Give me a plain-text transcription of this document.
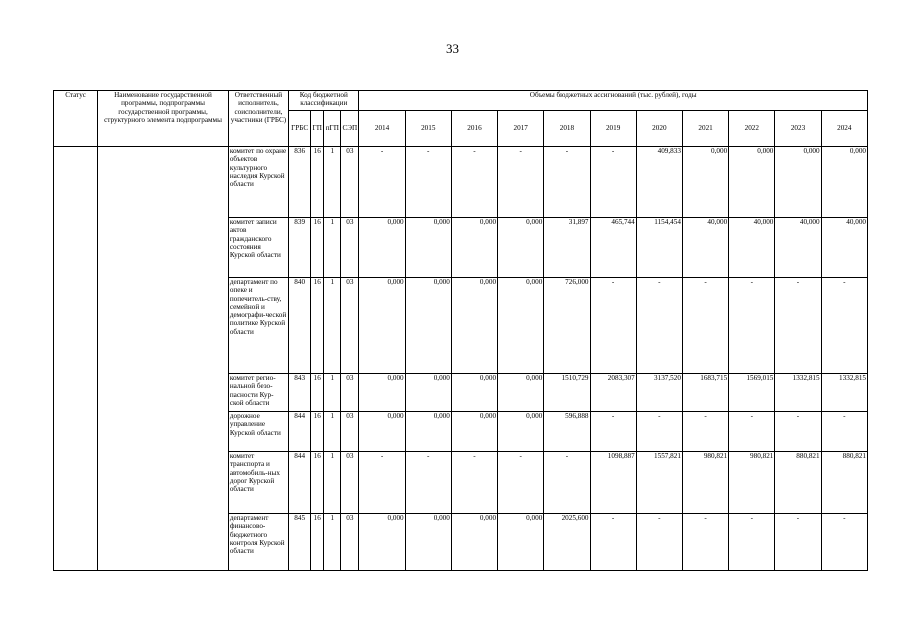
33
Статус	Наименование государственной программы, подпрограммы государственной программы, структурного элемента подпрограммы	Ответственный исполнитель, соисполнители, участники (ГРБС)	Код бюджетной классификации				Объемы бюджетных ассигнований (тыс. рублей), годы										
			ГРБС	ГП	пГП	СЭП	2014	2015	2016	2017	2018	2019	2020	2021	2022	2023	2024
		комитет по охране объектов культурного наследия Курской области	836	16	1	03	-	-	-	-	-	-	409,833	0,000	0,000	0,000	0,000
		комитет записи актов гражданского состояния Курской области	839	16	1	03	0,000	0,000	0,000	0,000	31,897	465,744	1154,454	40,000	40,000	40,000	40,000
		департамент по опеке и попечитель-ству, семейной и демографи-ческой политике Курской области	840	16	1	03	0,000	0,000	0,000	0,000	726,000	-	-	-	-	-	-
		комитет регио-нальной безо-пасности Кур-ской области	843	16	1	03	0,000	0,000	0,000	0,000	1510,729	2083,307	3137,520	1683,715	1569,015	1332,815	1332,815
		дорожное управление Курской области	844	16	1	03	0,000	0,000	0,000	0,000	596,888	-	-	-	-	-	-
		комитет транспорта и автомобиль-ных дорог Курской области	844	16	1	03	-	-	-	-	-	1098,887	1557,821	980,821	980,821	880,821	880,821
		департамент финансово-бюджетного контроля Курской области	845	16	1	03	0,000	0,000	0,000	0,000	2025,600	-	-	-	-	-	-
